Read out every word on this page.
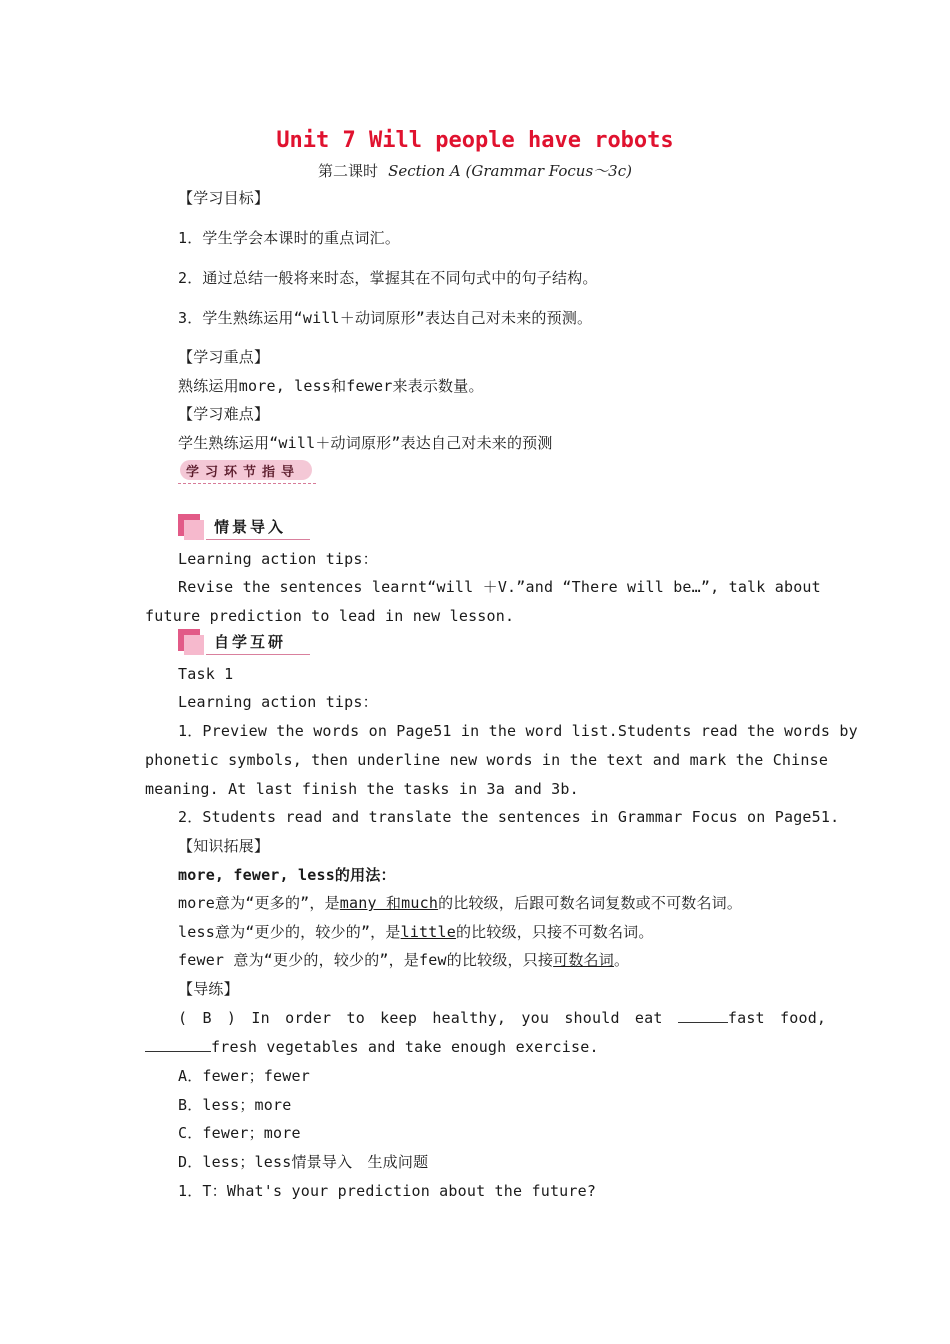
Unit 7 Will people have robots
第二课时 Section A (Grammar Focus～3c)
【学习目标】
1．学生学会本课时的重点词汇。
2．通过总结一般将来时态，掌握其在不同句式中的句子结构。
3．学生熟练运用“will＋动词原形”表达自己对未来的预测。
【学习重点】
熟练运用more, less和fewer来表示数量。
【学习难点】
学生熟练运用“will＋动词原形”表达自己对未来的预测
学习环节指导
情景导入
Learning action tips：
Revise the sentences learnt“will ＋V.”and “There will be…”, talk about
future prediction to lead in new lesson.
自学互研
Task 1
Learning action tips：
1．Preview the words on Page51 in the word list.Students read the words by
phonetic symbols, then underline new words in the text and mark the Chinse
meaning. At last finish the tasks in 3a and 3b.
2．Students read and translate the sentences in Grammar Focus on Page51.
【知识拓展】
more, fewer, less的用法：
more意为“更多的”，是many 和much的比较级，后跟可数名词复数或不可数名词。
less意为“更少的，较少的”，是little的比较级，只接不可数名词。
fewer 意为“更少的，较少的”，是few的比较级，只接可数名词。
【导练】
( B ) In order to keep healthy, you should eat	fast food,
fresh vegetables and take enough exercise.
A．fewer；fewer
B．less；more
C．fewer；more
D．less；less情景导入　生成问题
1．T：What's your prediction about the future?
